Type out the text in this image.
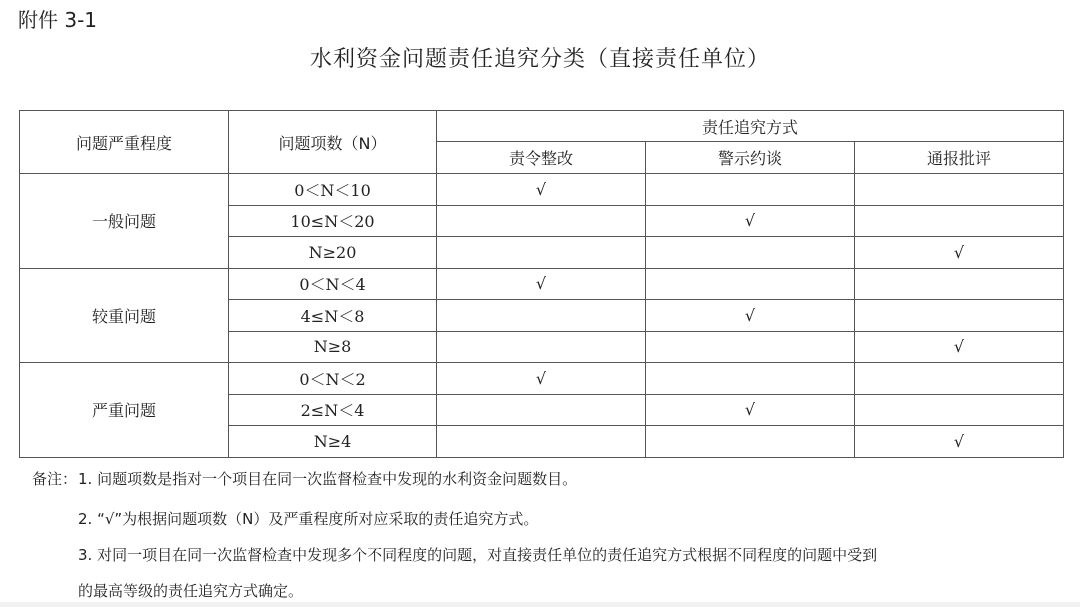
附件 3-1
水利资金问题责任追究分类（直接责任单位）
问题严重程度	问题项数（N）	责任追究方式		
		责令整改	警示约谈	通报批评
一般问题	0＜N＜10	√		
	10≤N＜20		√	
	N≥20			√
较重问题	0＜N＜4	√		
	4≤N＜8		√	
	N≥8			√
严重问题	0＜N＜2	√		
	2≤N＜4		√	
	N≥4			√
备注： 1. 问题项数是指对一个项目在同一次监督检查中发现的水利资金问题数目。
2. “√”为根据问题项数（N）及严重程度所对应采取的责任追究方式。
3. 对同一项目在同一次监督检查中发现多个不同程度的问题，对直接责任单位的责任追究方式根据不同程度的问题中受到
的最高等级的责任追究方式确定。
